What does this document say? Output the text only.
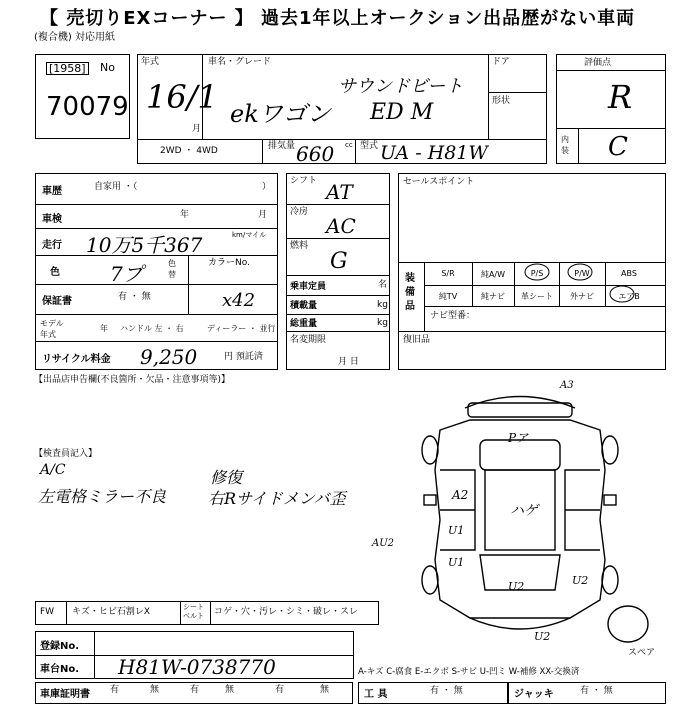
【 売切りEXコーナー 】 過去1年以上オークション出品歴がない車両
(複合機) 対応用紙
[1958] No
70079
年式
16/1
月
車名・グレード
ekワゴン
サウンドビート
ED M
ドア
形状
2WD ・ 4WD	排気量	cc
660	型式 UA - H81W
評価点
R
内装 C
車歴	自家用 ・（	）
車検	年	月
走行 10万5千367	km/マイル
色	7プ	色替
カラーNo.
保証書	有 ・ 無	x42
モデル年式
年 ハンドル 左 ・ 右	ディーラー ・ 並行
リサイクル料金 9,250	円 預託済
シフト AT
冷房
AC
燃料
G
乗車定員	名
積載量	kg
総重量	kg
名変期限
月 日
セールスポイント
装備品
S/R	純A/W	P/S	P/W	ABS
純TV	純ナビ	革シート	外ナビ	エアB
ナビ型番：
復旧品
【出品店申告欄(不良箇所・欠品・注意事項等)】
【検査員記入】
A/C
左電格ミラー不良
修復
右Rサイドメンバ歪
A3
Pア
A2
ハゲ
U1
U1
U2	U2
U2
AU2
スペア
FW キズ・ヒビ石割レX	シートベルト	コゲ・穴・汚レ・シミ・破レ・スレ
登録No.
車台No. H81W-0738770	A-キズ C-腐食 E-エクボ S-サビ U-凹ミ W-補修 XX-交換済
車庫証明書 有	無	有	無	有	無	工 具	有 ・ 無	ジャッキ	有 ・ 無
